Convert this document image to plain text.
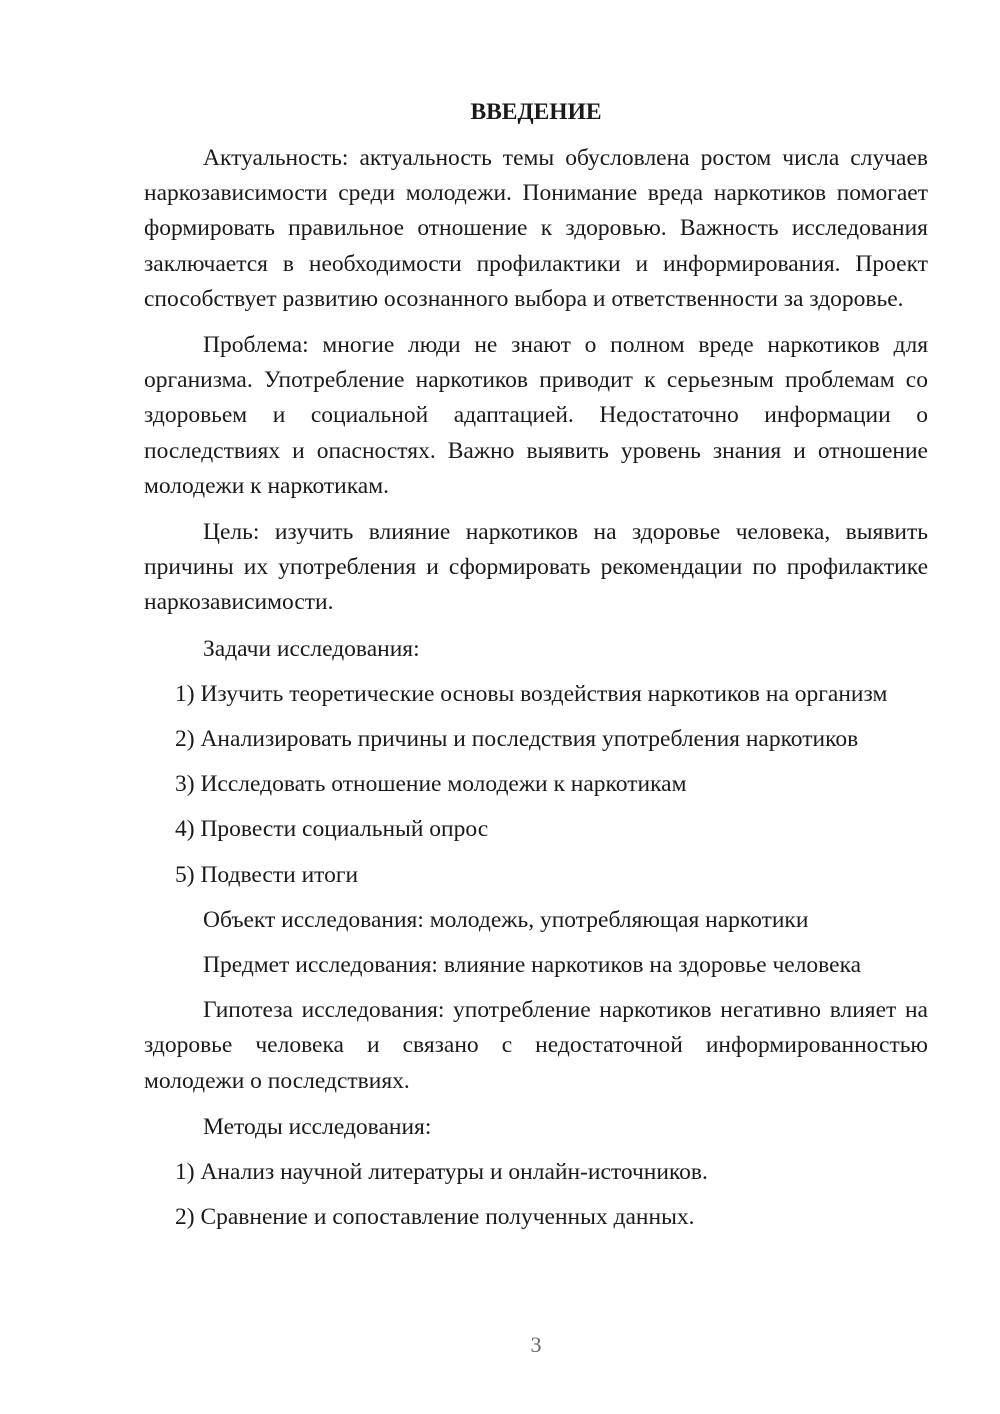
ВВЕДЕНИЕ

Актуальность: актуальность темы обусловлена ростом числа случаев наркозависимости среди молодежи. Понимание вреда наркотиков помогает формировать правильное отношение к здоровью. Важность исследования заключается в необходимости профилактики и информирования. Проект способствует развитию осознанного выбора и ответственности за здоровье.

Проблема: многие люди не знают о полном вреде наркотиков для организма. Употребление наркотиков приводит к серьезным проблемам со здоровьем и социальной адаптацией. Недостаточно информации о последствиях и опасностях. Важно выявить уровень знания и отношение молодежи к наркотикам.

Цель: изучить влияние наркотиков на здоровье человека, выявить причины их употребления и сформировать рекомендации по профилактике наркозависимости.

Задачи исследования:

1) Изучить теоретические основы воздействия наркотиков на организм

2) Анализировать причины и последствия употребления наркотиков

3) Исследовать отношение молодежи к наркотикам

4) Провести социальный опрос

5) Подвести итоги

Объект исследования: молодежь, употребляющая наркотики

Предмет исследования: влияние наркотиков на здоровье человека

Гипотеза исследования: употребление наркотиков негативно влияет на здоровье человека и связано с недостаточной информированностью молодежи о последствиях.

Методы исследования:

1) Анализ научной литературы и онлайн-источников.

2) Сравнение и сопоставление полученных данных.

3
